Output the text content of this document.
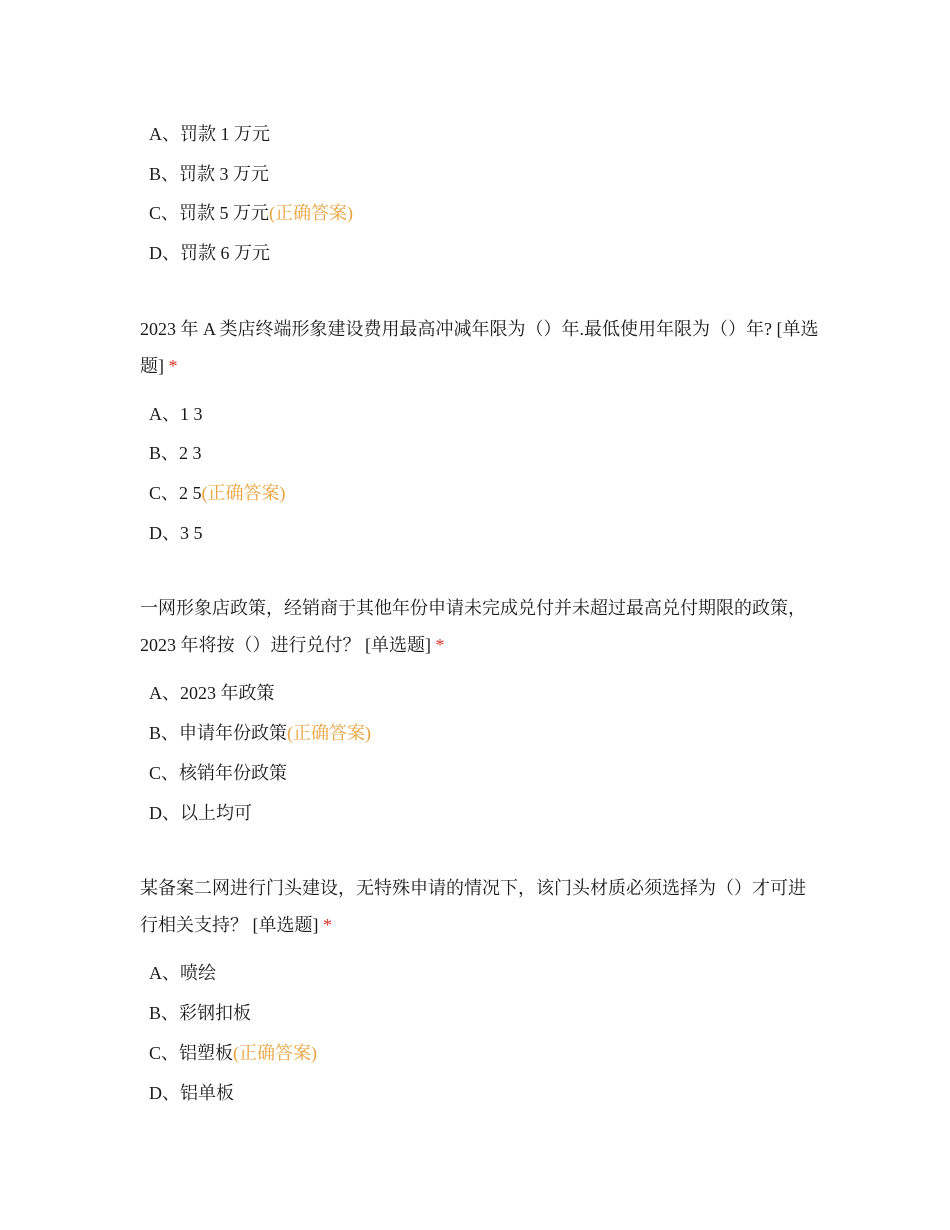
A、罚款 1 万元
B、罚款 3 万元
C、罚款 5 万元(正确答案)
D、罚款 6 万元
2023 年 A 类店终端形象建设费用最高冲减年限为（）年.最低使用年限为（）年? [单选题] *
A、1 3
B、2 3
C、2 5(正确答案)
D、3 5
一网形象店政策，经销商于其他年份申请未完成兑付并未超过最高兑付期限的政策，2023 年将按（）进行兑付？ [单选题] *
A、2023 年政策
B、申请年份政策(正确答案)
C、核销年份政策
D、以上均可
某备案二网进行门头建设，无特殊申请的情况下，该门头材质必须选择为（）才可进行相关支持？ [单选题] *
A、喷绘
B、彩钢扣板
C、铝塑板(正确答案)
D、铝单板
